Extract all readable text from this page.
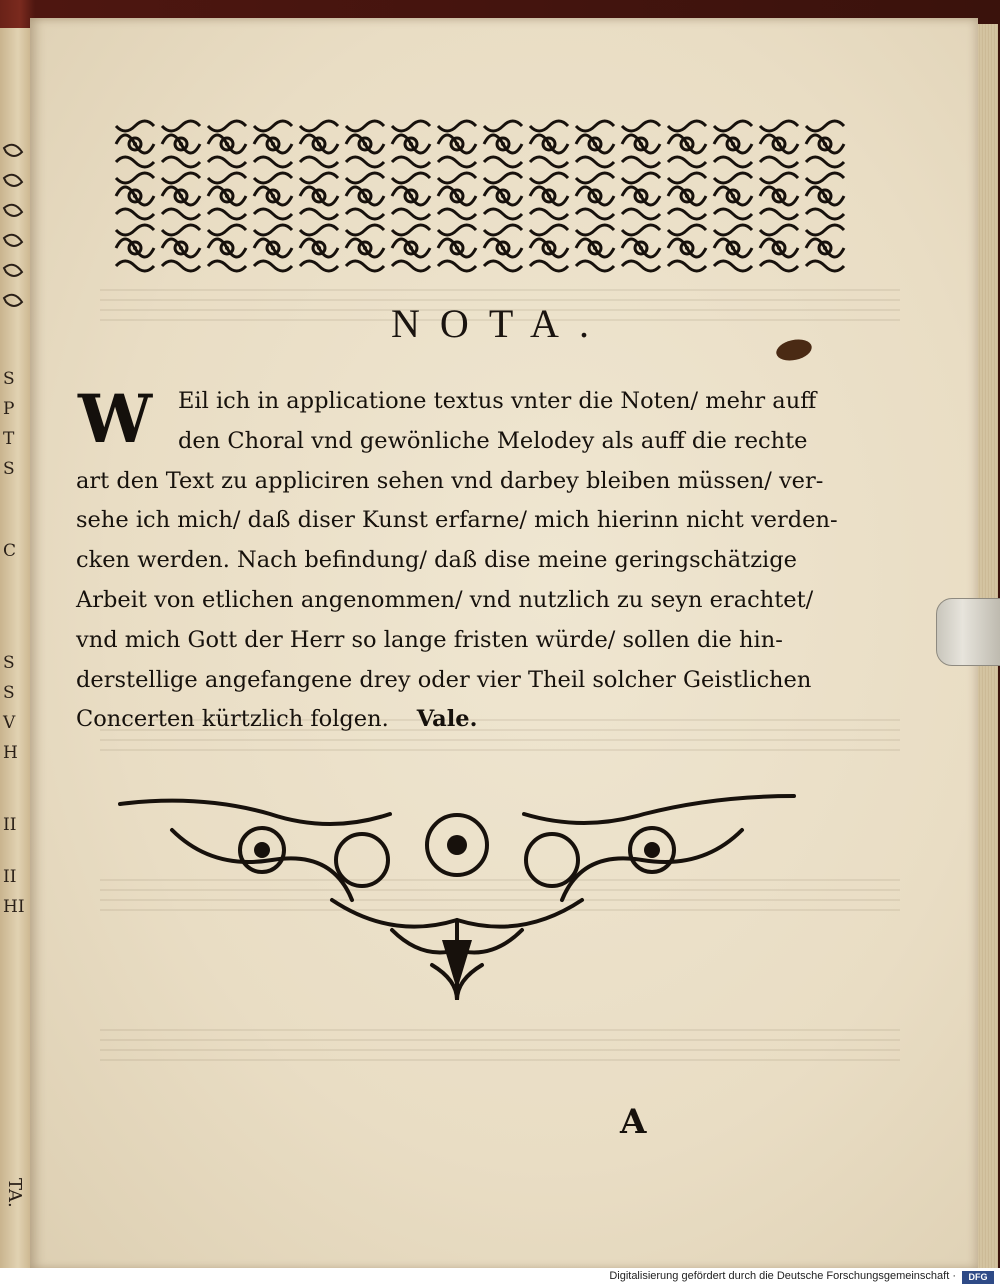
S
P
T
S
C
S
S
V
H
II
II
HI
TA.
NOTA.
W	Eil ich in applicatione textus vnter die Noten/ mehr auff
den Choral vnd gewönliche Melodey als auff die rechte
art den Text zu appliciren sehen vnd darbey bleiben müssen/ ver-
sehe ich mich/ daß diser Kunst erfarne/ mich hierinn nicht verden-
cken werden. Nach befindung/ daß dise meine geringschätzige
Arbeit von etlichen angenommen/ vnd nutzlich zu seyn erachtet/
vnd mich Gott der Herr so lange fristen würde/ sollen die hin-
derstellige angefangene drey oder vier Theil solcher Geistlichen
Concerten kürtzlich folgen. Vale.
A
Digitalisierung gefördert durch die Deutsche Forschungsgemeinschaft ·	DFG
